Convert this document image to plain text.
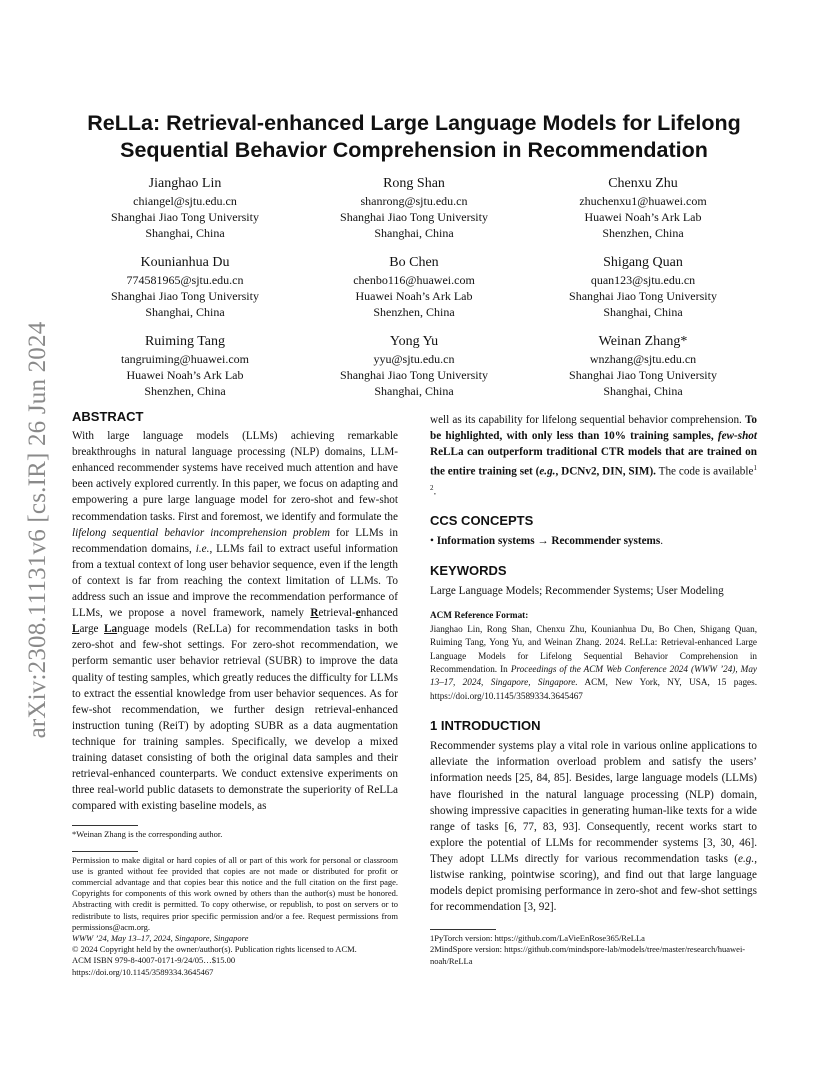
arXiv:2308.11131v6 [cs.IR] 26 Jun 2024
ReLLa: Retrieval-enhanced Large Language Models for Lifelong
Sequential Behavior Comprehension in Recommendation
Jianghao Lin
chiangel@sjtu.edu.cn
Shanghai Jiao Tong University
Shanghai, China
Rong Shan
shanrong@sjtu.edu.cn
Shanghai Jiao Tong University
Shanghai, China
Chenxu Zhu
zhuchenxu1@huawei.com
Huawei Noah’s Ark Lab
Shenzhen, China
Kounianhua Du
774581965@sjtu.edu.cn
Shanghai Jiao Tong University
Shanghai, China
Bo Chen
chenbo116@huawei.com
Huawei Noah’s Ark Lab
Shenzhen, China
Shigang Quan
quan123@sjtu.edu.cn
Shanghai Jiao Tong University
Shanghai, China
Ruiming Tang
tangruiming@huawei.com
Huawei Noah’s Ark Lab
Shenzhen, China
Yong Yu
yyu@sjtu.edu.cn
Shanghai Jiao Tong University
Shanghai, China
Weinan Zhang*
wnzhang@sjtu.edu.cn
Shanghai Jiao Tong University
Shanghai, China
ABSTRACT
With large language models (LLMs) achieving remarkable breakthroughs in natural language processing (NLP) domains, LLM-enhanced recommender systems have received much attention and have been actively explored currently. In this paper, we focus on adapting and empowering a pure large language model for zero-shot and few-shot recommendation tasks. First and foremost, we identify and formulate the lifelong sequential behavior incomprehension problem for LLMs in recommendation domains, i.e., LLMs fail to extract useful information from a textual context of long user behavior sequence, even if the length of context is far from reaching the context limitation of LLMs. To address such an issue and improve the recommendation performance of LLMs, we propose a novel framework, namely Retrieval-enhanced Large Language models (ReLLa) for recommendation tasks in both zero-shot and few-shot settings. For zero-shot recommendation, we perform semantic user behavior retrieval (SUBR) to improve the data quality of testing samples, which greatly reduces the difficulty for LLMs to extract the essential knowledge from user behavior sequences. As for few-shot recommendation, we further design retrieval-enhanced instruction tuning (ReiT) by adopting SUBR as a data augmentation technique for training samples. Specifically, we develop a mixed training dataset consisting of both the original data samples and their retrieval-enhanced counterparts. We conduct extensive experiments on three real-world public datasets to demonstrate the superiority of ReLLa compared with existing baseline models, as
*Weinan Zhang is the corresponding author.
Permission to make digital or hard copies of all or part of this work for personal or classroom use is granted without fee provided that copies are not made or distributed for profit or commercial advantage and that copies bear this notice and the full citation on the first page. Copyrights for components of this work owned by others than the author(s) must be honored. Abstracting with credit is permitted. To copy otherwise, or republish, to post on servers or to redistribute to lists, requires prior specific permission and/or a fee. Request permissions from permissions@acm.org.
WWW ’24, May 13–17, 2024, Singapore, Singapore
© 2024 Copyright held by the owner/author(s). Publication rights licensed to ACM.
ACM ISBN 979-8-4007-0171-9/24/05…$15.00
https://doi.org/10.1145/3589334.3645467
well as its capability for lifelong sequential behavior comprehension. To be highlighted, with only less than 10% training samples, few-shot ReLLa can outperform traditional CTR models that are trained on the entire training set (e.g., DCNv2, DIN, SIM). The code is available$^{1 2}$.
CCS CONCEPTS
• Information systems → Recommender systems.
KEYWORDS
Large Language Models; Recommender Systems; User Modeling
ACM Reference Format:
Jianghao Lin, Rong Shan, Chenxu Zhu, Kounianhua Du, Bo Chen, Shigang Quan, Ruiming Tang, Yong Yu, and Weinan Zhang. 2024. ReLLa: Retrieval-enhanced Large Language Models for Lifelong Sequential Behavior Comprehension in Recommendation. In Proceedings of the ACM Web Conference 2024 (WWW ’24), May 13–17, 2024, Singapore, Singapore. ACM, New York, NY, USA, 15 pages. https://doi.org/10.1145/3589334.3645467
1 INTRODUCTION
Recommender systems play a vital role in various online applications to alleviate the information overload problem and satisfy the users’ information needs [25, 84, 85]. Besides, large language models (LLMs) have flourished in the natural language processing (NLP) domain, showing impressive capacities in generating human-like texts for a wide range of tasks [6, 77, 83, 93]. Consequently, recent works start to explore the potential of LLMs for recommender systems [3, 30, 46]. They adopt LLMs directly for various recommendation tasks (e.g., listwise ranking, pointwise scoring), and find out that large language models depict promising performance in zero-shot and few-shot settings for recommendation [3, 92].
1PyTorch version: https://github.com/LaVieEnRose365/ReLLa
2MindSpore version: https://github.com/mindspore-lab/models/tree/master/research/huawei-noah/ReLLa
